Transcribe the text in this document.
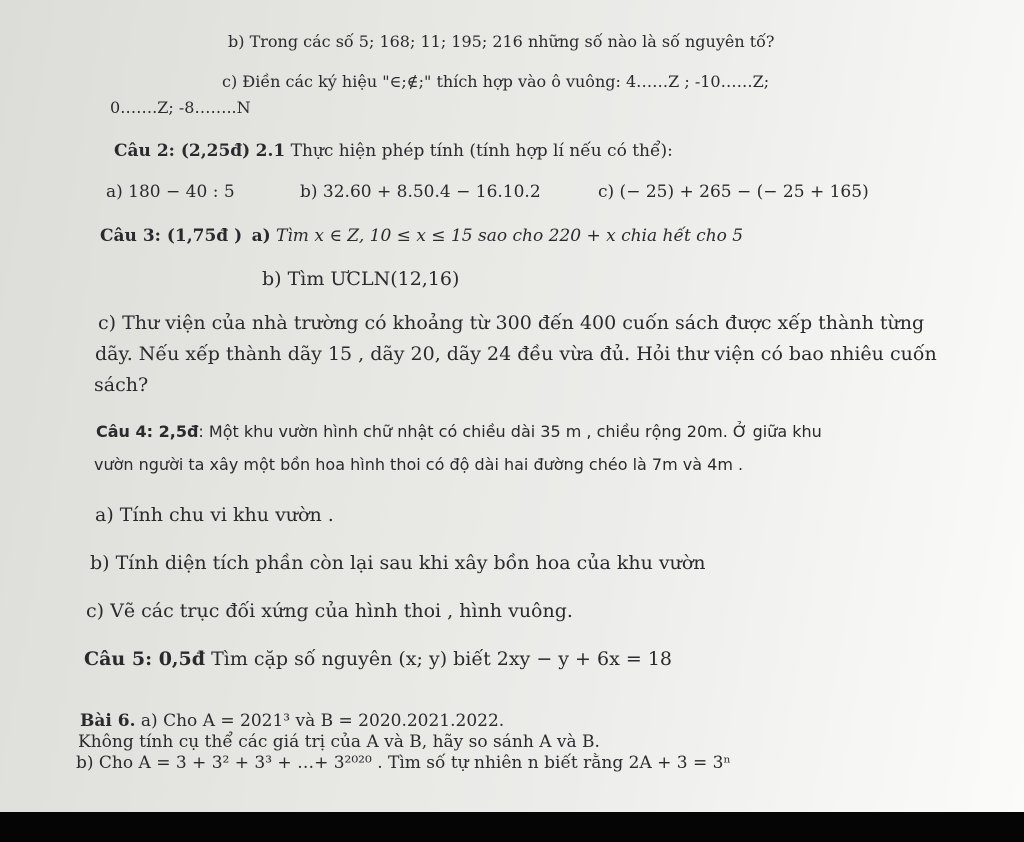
b) Trong các số 5; 168; 11; 195; 216 những số nào là số nguyên tố?
c) Điền các ký hiệu "∈;∉;" thích hợp vào ô vuông: 4……Z ; -10……Z;
0…….Z; -8……..N
Câu 2: (2,25đ) 2.1 Thực hiện phép tính (tính hợp lí nếu có thể):
a) 180 − 40 : 5	b) 32.60 + 8.50.4 − 16.10.2	c) (− 25) + 265 − (− 25 + 165)
Câu 3: (1,75đ ) a) Tìm x ∈ Z, 10 ≤ x ≤ 15 sao cho 220 + x chia hết cho 5
b) Tìm ƯCLN(12,16)
c) Thư viện của nhà trường có khoảng từ 300 đến 400 cuốn sách được xếp thành từng
dãy. Nếu xếp thành dãy 15 , dãy 20, dãy 24 đều vừa đủ. Hỏi thư viện có bao nhiêu cuốn
sách?
Câu 4: 2,5đ: Một khu vườn hình chữ nhật có chiều dài 35 m , chiều rộng 20m. Ở giữa khu
vườn người ta xây một bồn hoa hình thoi có độ dài hai đường chéo là 7m và 4m .
a) Tính chu vi khu vườn .
b) Tính diện tích phần còn lại sau khi xây bồn hoa của khu vườn
c) Vẽ các trục đối xứng của hình thoi , hình vuông.
Câu 5: 0,5đ Tìm cặp số nguyên (x; y) biết 2xy − y + 6x = 18
Bài 6. a) Cho A = 2021³ và B = 2020.2021.2022.
Không tính cụ thể các giá trị của A và B, hãy so sánh A và B.
b) Cho A = 3 + 3² + 3³ + …+ 3²⁰²⁰ . Tìm số tự nhiên n biết rằng 2A + 3 = 3ⁿ
